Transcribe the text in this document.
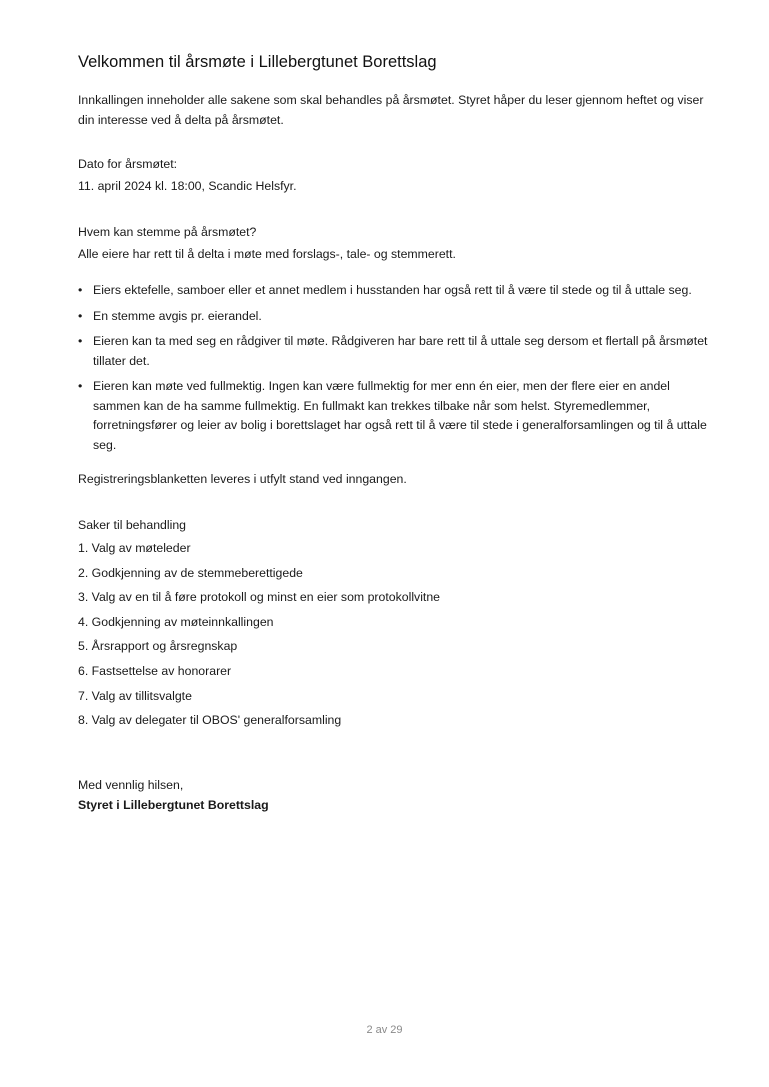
Velkommen til årsmøte i Lillebergtunet Borettslag

Innkallingen inneholder alle sakene som skal behandles på årsmøtet. Styret håper du leser gjennom heftet og viser din interesse ved å delta på årsmøtet.

Dato for årsmøtet:

11. april 2024 kl. 18:00, Scandic Helsfyr.

Hvem kan stemme på årsmøtet?

Alle eiere har rett til å delta i møte med forslags-, tale- og stemmerett.

• Eiers ektefelle, samboer eller et annet medlem i husstanden har også rett til å være til stede og til å uttale seg.
• En stemme avgis pr. eierandel.
• Eieren kan ta med seg en rådgiver til møte. Rådgiveren har bare rett til å uttale seg dersom et flertall på årsmøtet tillater det.
• Eieren kan møte ved fullmektig. Ingen kan være fullmektig for mer enn én eier, men der flere eier en andel sammen kan de ha samme fullmektig. En fullmakt kan trekkes tilbake når som helst. Styremedlemmer, forretningsfører og leier av bolig i borettslaget har også rett til å være til stede i generalforsamlingen og til å uttale seg.

Registreringsblanketten leveres i utfylt stand ved inngangen.

Saker til behandling

1. Valg av møteleder
2. Godkjenning av de stemmeberettigede
3. Valg av en til å føre protokoll og minst en eier som protokollvitne
4. Godkjenning av møteinnkallingen
5. Årsrapport og årsregnskap
6. Fastsettelse av honorarer
7. Valg av tillitsvalgte
8. Valg av delegater til OBOS' generalforsamling
Med vennlig hilsen,
Styret i Lillebergtunet Borettslag
2 av 29
